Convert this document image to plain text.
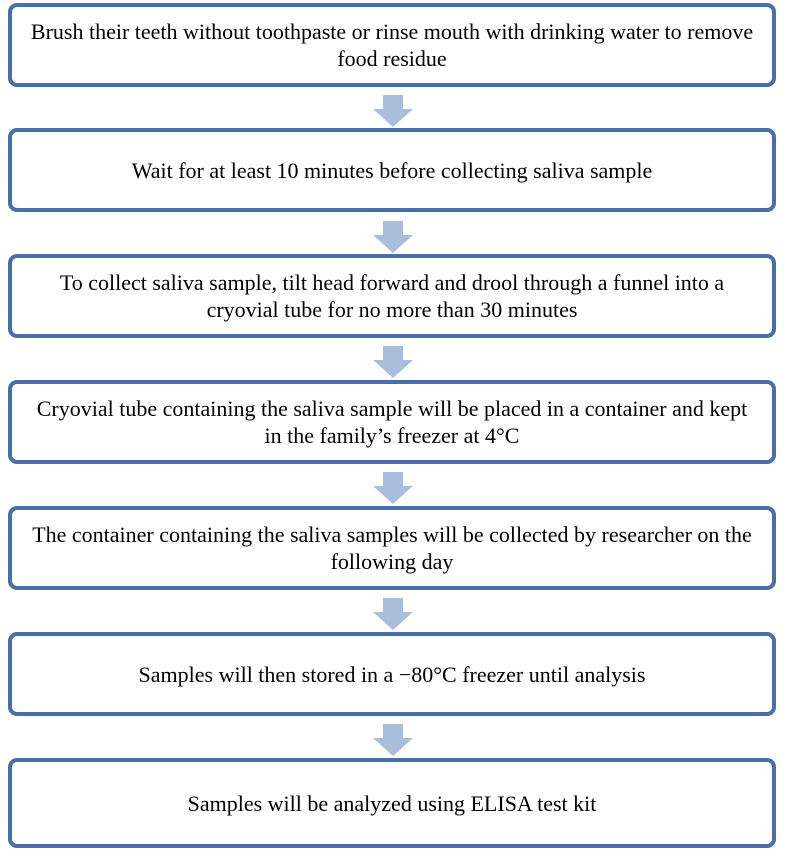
Brush their teeth without toothpaste or rinse mouth with drinking water to remove food residue
Wait for at least 10 minutes before collecting saliva sample
To collect saliva sample, tilt head forward and drool through a funnel into a cryovial tube for no more than 30 minutes
Cryovial tube containing the saliva sample will be placed in a container and kept in the family’s freezer at 4°C
The container containing the saliva samples will be collected by researcher on the following day
Samples will then stored in a −80°C freezer until analysis
Samples will be analyzed using ELISA test kit
